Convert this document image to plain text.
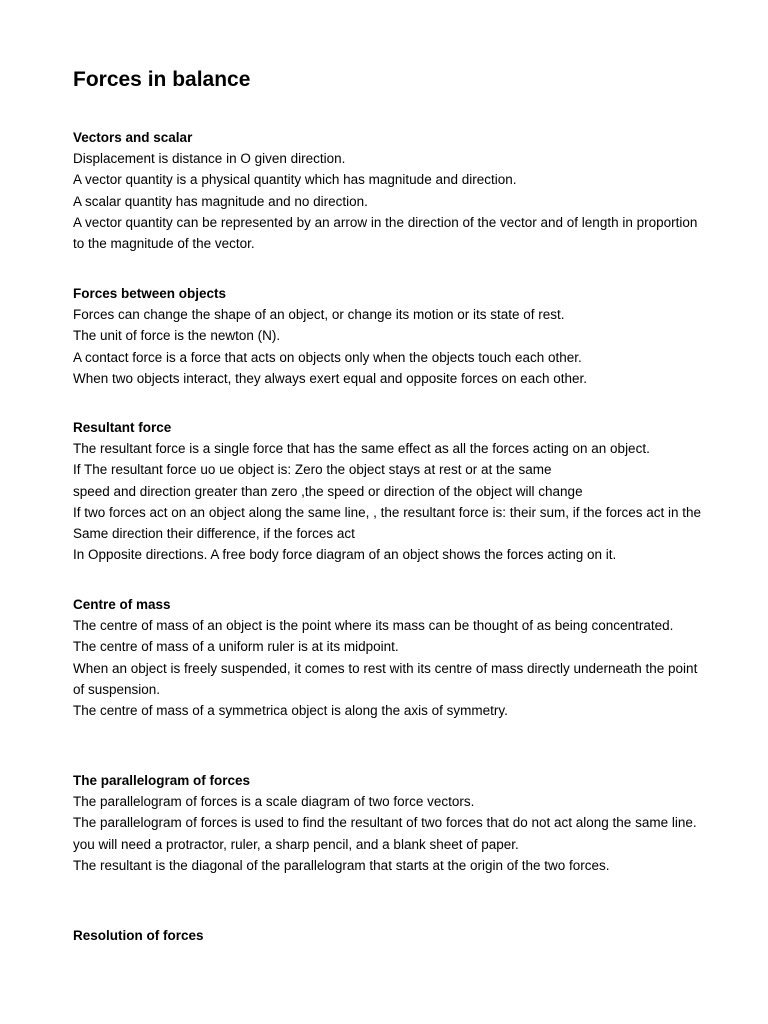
Forces in balance

Vectors and scalar

Displacement is distance in O given direction.

A vector quantity is a physical quantity which has magnitude and direction.

A scalar quantity has magnitude and no direction.

A vector quantity can be represented by an arrow in the direction of the vector and of length in proportion to the magnitude of the vector.

Forces between objects

Forces can change the shape of an object, or change its motion or its state of rest.

The unit of force is the newton (N).

A contact force is a force that acts on objects only when the objects touch each other.

When two objects interact, they always exert equal and opposite forces on each other.

Resultant force

The resultant force is a single force that has the same effect as all the forces acting on an object.

If The resultant force uo ue object is: Zero the object stays at rest or at the same

speed and direction greater than zero ,the speed or direction of the object will change

If two forces act on an object along the same line, , the resultant force is: their sum, if the forces act in the Same direction their difference, if the forces act

In Opposite directions. A free body force diagram of an object shows the forces acting on it.

Centre of mass

The centre of mass of an object is the point where its mass can be thought of as being concentrated.

The centre of mass of a uniform ruler is at its midpoint.

When an object is freely suspended, it comes to rest with its centre of mass directly underneath the point of suspension.

The centre of mass of a symmetrica object is along the axis of symmetry.

The parallelogram of forces

The parallelogram of forces is a scale diagram of two force vectors.

The parallelogram of forces is used to find the resultant of two forces that do not act along the same line.

you will need a protractor, ruler, a sharp pencil, and a blank sheet of paper.

The resultant is the diagonal of the parallelogram that starts at the origin of the two forces.

Resolution of forces
